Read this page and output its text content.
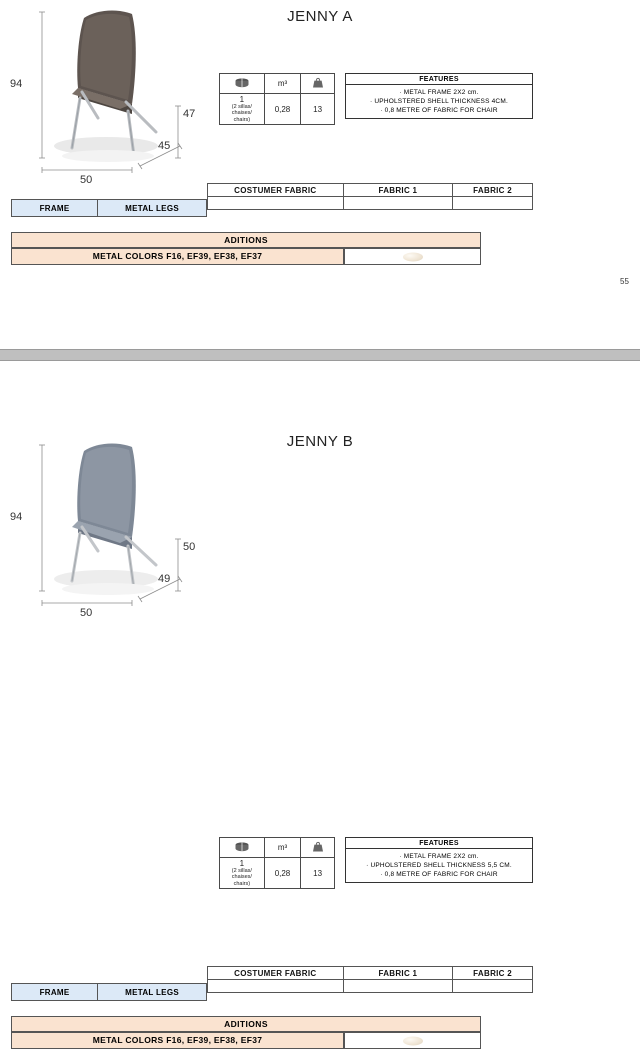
JENNY A
94
47
50
45
	m³	

1
(2 sillas/
chaises/
chairs)	0,28	13
FEATURES
· METAL FRAME 2X2 cm.
· UPHOLSTERED SHELL THICKNESS 4CM.
· 0,8 METRE OF FABRIC FOR CHAIR
COSTUMER FABRIC	FABRIC 1	FABRIC 2

FRAME	METAL LEGS
ADITIONS
METAL COLORS F16, EF39, EF38, EF37
55
JENNY B
94
50
50
49
	m³	

1
(2 sillas/
chaises/
chairs)	0,28	13
FEATURES
· METAL FRAME 2X2 cm.
· UPHOLSTERED SHELL THICKNESS 5,5 CM.
· 0,8 METRE OF FABRIC FOR CHAIR
COSTUMER FABRIC	FABRIC 1	FABRIC 2

FRAME	METAL LEGS
ADITIONS
METAL COLORS F16, EF39, EF38, EF37
